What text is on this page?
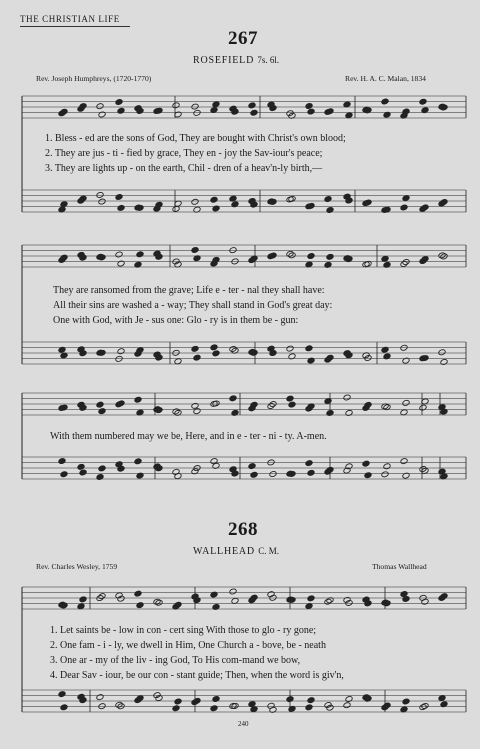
THE CHRISTIAN LIFE
267
ROSEFIELD 7s. 6l.
Rev. Joseph Humphreys, (1720-1770)	Rev. H. A. C. Malan, 1834
1. Bless - ed are the sons of God, They are bought with Christ's own blood;
2. They are jus - ti - fied by grace, They en - joy the Sav-iour's peace;
3. They are lights up - on the earth, Chil - dren of a heav'n-ly birth,—
They are ransomed from the grave; Life e - ter - nal they shall have:
All their sins are washed a - way; They shall stand in God's great day:
One with God, with Je - sus one: Glo - ry is in them be - gun:
With them numbered may we be, Here, and in e - ter - ni - ty. A-men.
268
WALLHEAD C. M.
Rev. Charles Wesley, 1759	Thomas Wallhead
1. Let saints be - low in con - cert sing With those to glo - ry gone;
2. One fam - i - ly, we dwell in Him, One Church a - bove, be - neath
3. One ar - my of the liv - ing God, To His com-mand we bow,
4. Dear Sav - iour, be our con - stant guide; Then, when the word is giv'n,
240
